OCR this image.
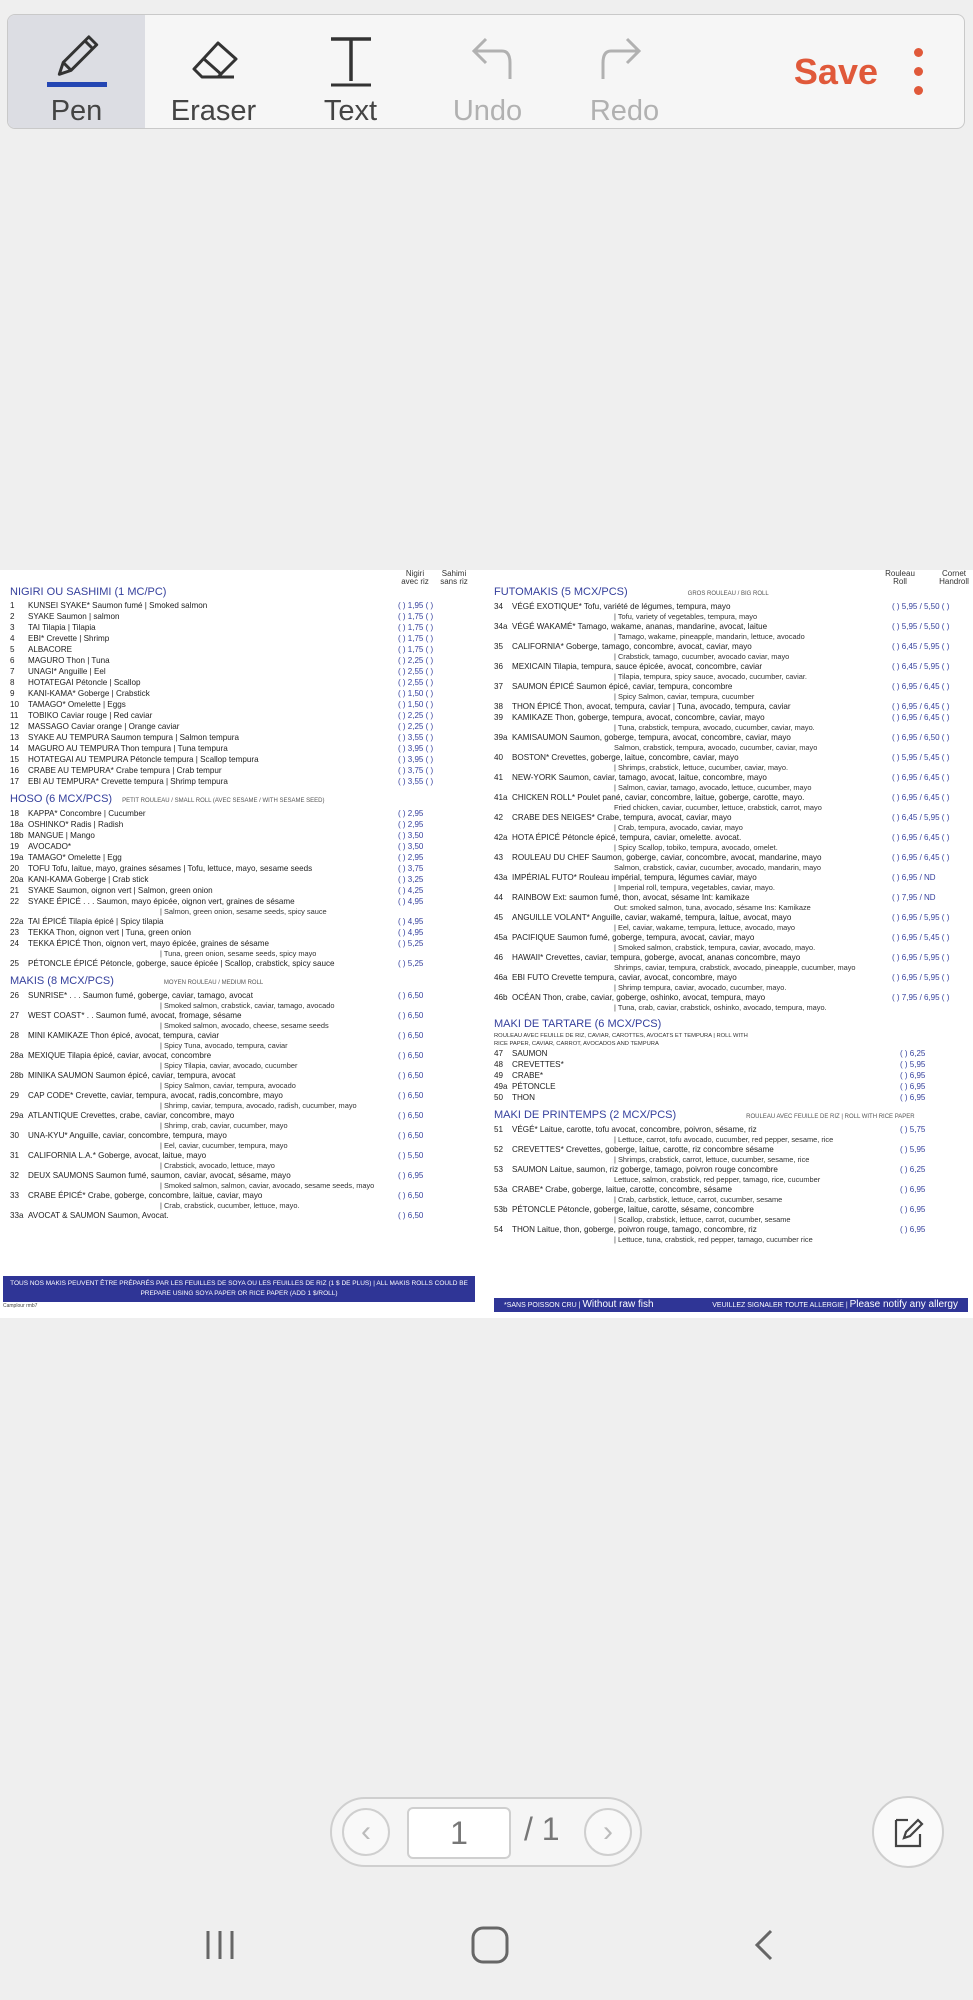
Pen Eraser Text	Undo Redo
Save
Nigiri avec riz
Sahimi sans riz
Rouleau Roll
Cornet Handroll
NIGIRI OU SASHIMI (1 MC/PC)
1	KUNSEI SYAKE* Saumon fumé | Smoked salmon	( ) 1,95 ( )
2	SYAKE Saumon | salmon	( ) 1,75 ( )
3	TAI Tilapia | Tilapia	( ) 1,75 ( )
4	EBI* Crevette | Shrimp	( ) 1,75 ( )
5	ALBACORE	( ) 1,75 ( )
6	MAGURO Thon | Tuna	( ) 2,25 ( )
7	UNAGI* Anguille | Eel	( ) 2,55 ( )
8	HOTATEGAI Pétoncle | Scallop	( ) 2,55 ( )
9	KANI-KAMA* Goberge | Crabstick	( ) 1,50 ( )
10	TAMAGO* Omelette | Eggs	( ) 1,50 ( )
11	TOBIKO Caviar rouge | Red caviar	( ) 2,25 ( )
12	MASSAGO Caviar orange | Orange caviar	( ) 2,25 ( )
13	SYAKE AU TEMPURA Saumon tempura | Salmon tempura	( ) 3,55 ( )
14	MAGURO AU TEMPURA Thon tempura | Tuna tempura	( ) 3,95 ( )
15	HOTATEGAI AU TEMPURA Pétoncle tempura | Scallop tempura	( ) 3,95 ( )
16	CRABE AU TEMPURA* Crabe tempura | Crab tempur	( ) 3,75 ( )
17	EBI AU TEMPURA* Crevette tempura | Shrimp tempura	( ) 3,55 ( )
HOSO (6 MCX/PCS) PETIT ROULEAU / SMALL ROLL (AVEC SESAME / WITH SESAME SEED)
18	KAPPA* Concombre | Cucumber	( ) 2,95
18a OSHINKO* Radis | Radish	( ) 2,95
18b MANGUE | Mango	( ) 3,50
19	AVOCADO*	( ) 3,50
19a TAMAGO* Omelette | Egg	( ) 2,95
20	TOFU Tofu, laitue, mayo, graines sésames | Tofu, lettuce, mayo, sesame seeds	( ) 3,75
20a KANI-KAMA Goberge | Crab stick	( ) 3,25
21	SYAKE Saumon, oignon vert | Salmon, green onion	( ) 4,25
22	SYAKE ÉPICÉ . . . Saumon, mayo épicée, oignon vert, graines de sésame	( ) 4,95
| Salmon, green onion, sesame seeds, spicy sauce
22a TAI ÉPICÉ Tilapia épicé | Spicy tilapia	( ) 4,95
23	TEKKA Thon, oignon vert | Tuna, green onion	( ) 4,95
24	TEKKA ÉPICÉ Thon, oignon vert, mayo épicée, graines de sésame	( ) 5,25
| Tuna, green onion, sesame seeds, spicy mayo
25	PÉTONCLE ÉPICÉ Pétoncle, goberge, sauce épicée | Scallop, crabstick, spicy sauce	( ) 5,25
MAKIS (8 MCX/PCS)	MOYEN ROULEAU / MEDIUM ROLL
26	SUNRISE* . . . Saumon fumé, goberge, caviar, tamago, avocat	( ) 6,50
| Smoked salmon, crabstick, caviar, tamago, avocado
27	WEST COAST* . . Saumon fumé, avocat, fromage, sésame	( ) 6,50
| Smoked salmon, avocado, cheese, sesame seeds
28	MINI KAMIKAZE Thon épicé, avocat, tempura, caviar	( ) 6,50
| Spicy Tuna, avocado, tempura, caviar
28a MEXIQUE Tilapia épicé, caviar, avocat, concombre	( ) 6,50
| Spicy Tilapia, caviar, avocado, cucumber
28b MINIKA SAUMON Saumon épicé, caviar, tempura, avocat	( ) 6,50
| Spicy Salmon, caviar, tempura, avocado
29	CAP CODE* Crevette, caviar, tempura, avocat, radis,concombre, mayo	( ) 6,50
| Shrimp, caviar, tempura, avocado, radish, cucumber, mayo
29a ATLANTIQUE Crevettes, crabe, caviar, concombre, mayo	( ) 6,50
| Shrimp, crab, caviar, cucumber, mayo
30	UNA-KYU* Anguille, caviar, concombre, tempura, mayo	( ) 6,50
| Eel, caviar, cucumber, tempura, mayo
31	CALIFORNIA L.A.* Goberge, avocat, laitue, mayo	( ) 5,50
| Crabstick, avocado, lettuce, mayo
32	DEUX SAUMONS Saumon fumé, saumon, caviar, avocat, sésame, mayo	( ) 6,95
| Smoked salmon, salmon, caviar, avocado, sesame seeds, mayo
33	CRABE ÉPICÉ* Crabe, goberge, concombre, laitue, caviar, mayo	( ) 6,50
| Crab, crabstick, cucumber, lettuce, mayo.
33a AVOCAT & SAUMON Saumon, Avocat.	( ) 6,50
FUTOMAKIS (5 MCX/PCS)	GROS ROULEAU / BIG ROLL
34	VÉGÉ EXOTIQUE* Tofu, variété de légumes, tempura, mayo	( ) 5,95 / 5,50 ( )
| Tofu, variety of vegetables, tempura, mayo
34a VÉGÉ WAKAMÉ* Tamago, wakame, ananas, mandarine, avocat, laitue	( ) 5,95 / 5,50 ( )
| Tamago, wakame, pineapple, mandarin, lettuce, avocado
35	CALIFORNIA* Goberge, tamago, concombre, avocat, caviar, mayo	( ) 6,45 / 5,95 ( )
| Crabstick, tamago, cucumber, avocado caviar, mayo
36	MEXICAIN Tilapia, tempura, sauce épicée, avocat, concombre, caviar	( ) 6,45 / 5,95 ( )
| Tilapia, tempura, spicy sauce, avocado, cucumber, caviar.
37	SAUMON ÉPICÉ Saumon épicé, caviar, tempura, concombre	( ) 6,95 / 6,45 ( )
| Spicy Salmon, caviar, tempura, cucumber
38	THON ÉPICÉ Thon, avocat, tempura, caviar | Tuna, avocado, tempura, caviar	( ) 6,95 / 6,45 ( )
39	KAMIKAZE Thon, goberge, tempura, avocat, concombre, caviar, mayo	( ) 6,95 / 6,45 ( )
| Tuna, crabstick, tempura, avocado, cucumber, caviar, mayo.
39a KAMISAUMON Saumon, goberge, tempura, avocat, concombre, caviar, mayo	( ) 6,95 / 6,50 ( )
Salmon, crabstick, tempura, avocado, cucumber, caviar, mayo
40	BOSTON* Crevettes, goberge, laitue, concombre, caviar, mayo	( ) 5,95 / 5,45 ( )
| Shrimps, crabstick, lettuce, cucumber, caviar, mayo.
41	NEW-YORK Saumon, caviar, tamago, avocat, laitue, concombre, mayo	( ) 6,95 / 6,45 ( )
| Salmon, caviar, tamago, avocado, lettuce, cucumber, mayo
41a CHICKEN ROLL* Poulet pané, caviar, concombre, laitue, goberge, carotte, mayo.	( ) 6,95 / 6,45 ( )
Fried chicken, caviar, cucumber, lettuce, crabstick, carrot, mayo
42	CRABE DES NEIGES* Crabe, tempura, avocat, caviar, mayo	( ) 6,45 / 5,95 ( )
| Crab, tempura, avocado, caviar, mayo
42a HOTA ÉPICÉ Pétoncle épicé, tempura, caviar, omelette. avocat.	( ) 6,95 / 6,45 ( )
| Spicy Scallop, tobiko, tempura, avocado, omelet.
43	ROULEAU DU CHEF Saumon, goberge, caviar, concombre, avocat, mandarine, mayo	( ) 6,95 / 6,45 ( )
Salmon, crabstick, caviar, cucumber, avocado, mandarin, mayo
43a IMPÉRIAL FUTO* Rouleau impérial, tempura, légumes caviar, mayo	( ) 6,95 / ND
| Imperial roll, tempura, vegetables, caviar, mayo.
44	RAINBOW Ext: saumon fumé, thon, avocat, sésame Int: kamikaze	( ) 7,95 / ND
Out: smoked salmon, tuna, avocado, sésame Ins: Kamikaze
45	ANGUILLE VOLANT* Anguille, caviar, wakamé, tempura, laitue, avocat, mayo	( ) 6,95 / 5,95 ( )
| Eel, caviar, wakame, tempura, lettuce, avocado, mayo
45a PACIFIQUE Saumon fumé, goberge, tempura, avocat, caviar, mayo	( ) 6,95 / 5,45 ( )
| Smoked salmon, crabstick, tempura, caviar, avocado, mayo.
46	HAWAII* Crevettes, caviar, tempura, goberge, avocat, ananas concombre, mayo	( ) 6,95 / 5,95 ( )
Shrimps, caviar, tempura, crabstick, avocado, pineapple, cucumber, mayo
46a EBI FUTO Crevette tempura, caviar, avocat, concombre, mayo	( ) 6,95 / 5,95 ( )
| Shrimp tempura, caviar, avocado, cucumber, mayo.
46b OCÉAN Thon, crabe, caviar, goberge, oshinko, avocat, tempura, mayo	( ) 7,95 / 6,95 ( )
| Tuna, crab, caviar, crabstick, oshinko, avocado, tempura, mayo.
MAKI DE TARTARE (6 MCX/PCS)
ROULEAU AVEC FEUILLE DE RIZ, CAVIAR, CAROTTES, AVOCATS ET TEMPURA | ROLL WITH RICE PAPER, CAVIAR, CARROT, AVOCADOS AND TEMPURA
47	SAUMON	( ) 6,25
48	CREVETTES*	( ) 5,95
49	CRABE*	( ) 6,95
49a PÉTONCLE	( ) 6,95
50	THON	( ) 6,95
MAKI DE PRINTEMPS (2 MCX/PCS)	ROULEAU AVEC FEUILLE DE RIZ | ROLL WITH RICE PAPER
51	VÉGÉ* Laitue, carotte, tofu avocat, concombre, poivron, sésame, riz	( ) 5,75
| Lettuce, carrot, tofu avocado, cucumber, red pepper, sesame, rice
52	CREVETTES* Crevettes, goberge, laitue, carotte, riz concombre sésame	( ) 5,95
| Shrimps, crabstick, carrot, lettuce, cucumber, sesame, rice
53	SAUMON Laitue, saumon, riz goberge, tamago, poivron rouge concombre	( ) 6,25
Lettuce, salmon, crabstick, red pepper, tamago, rice, cucumber
53a CRABE* Crabe, goberge, laitue, carotte, concombre, sésame	( ) 6,95
| Crab, carbstick, lettuce, carrot, cucumber, sesame
53b PÉTONCLE Pétoncle, goberge, laitue, carotte, sésame, concombre	( ) 6,95
| Scallop, crabstick, lettuce, carrot, cucumber, sesame
54	THON Laitue, thon, goberge, poivron rouge, tamago, concombre, riz	( ) 6,95
| Lettuce, tuna, crabstick, red pepper, tamago, cucumber rice
TOUS NOS MAKIS PEUVENT ÊTRE PRÉPARÉS PAR LES FEUILLES DE SOYA OU LES FEUILLES DE RIZ (1 $ DE PLUS) | ALL MAKIS ROLLS COULD BE PREPARE USING SOYA PAPER OR RICE PAPER (ADD 1 $/ROLL)
Camplour rmb7	*SANS POISSON CRU | Without raw fish	VEUILLEZ SIGNALER TOUTE ALLERGIE | Please notify any allergy
‹	1	/ 1 ›
